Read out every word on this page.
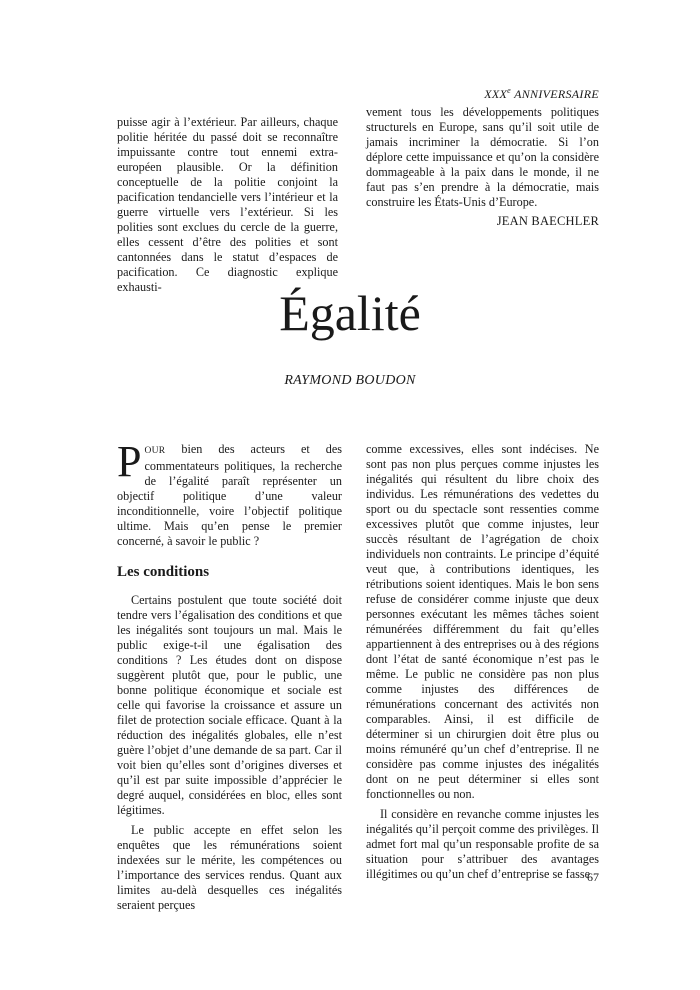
XXXe ANNIVERSAIRE

puisse agir à l’extérieur. Par ailleurs, chaque politie héritée du passé doit se reconnaître impuissante contre tout ennemi extra-européen plausible. Or la définition conceptuelle de la politie conjoint la pacification tendancielle vers l’intérieur et la guerre virtuelle vers l’extérieur. Si les polities sont exclues du cercle de la guerre, elles cessent d’être des polities et sont cantonnées dans le statut d’espaces de pacification. Ce diagnostic explique exhausti-

vement tous les développements politiques structurels en Europe, sans qu’il soit utile de jamais incriminer la démocratie. Si l’on déplore cette impuissance et qu’on la considère dommageable à la paix dans le monde, il ne faut pas s’en prendre à la démocratie, mais construire les États-Unis d’Europe.

JEAN BAECHLER
Égalité
RAYMOND BOUDON

POUR bien des acteurs et des commentateurs politiques, la recherche de l’égalité paraît représenter un objectif politique d’une valeur inconditionnelle, voire l’objectif politique ultime. Mais qu’en pense le premier concerné, à savoir le public ?

Les conditions

Certains postulent que toute société doit tendre vers l’égalisation des conditions et que les inégalités sont toujours un mal. Mais le public exige-t-il une égalisation des conditions ? Les études dont on dispose suggèrent plutôt que, pour le public, une bonne politique économique et sociale est celle qui favorise la croissance et assure un filet de protection sociale efficace. Quant à la réduction des inégalités globales, elle n’est guère l’objet d’une demande de sa part. Car il voit bien qu’elles sont d’origines diverses et qu’il est par suite impossible d’apprécier le degré auquel, considérées en bloc, elles sont légitimes.

Le public accepte en effet selon les enquêtes que les rémunérations soient indexées sur le mérite, les compétences ou l’importance des services rendus. Quant aux limites au-delà desquelles ces inégalités seraient perçues

comme excessives, elles sont indécises. Ne sont pas non plus perçues comme injustes les inégalités qui résultent du libre choix des individus. Les rémunérations des vedettes du sport ou du spectacle sont ressenties comme excessives plutôt que comme injustes, leur succès résultant de l’agrégation de choix individuels non contraints. Le principe d’équité veut que, à contributions identiques, les rétributions soient identiques. Mais le bon sens refuse de considérer comme injuste que deux personnes exécutant les mêmes tâches soient rémunérées différemment du fait qu’elles appartiennent à des entreprises ou à des régions dont l’état de santé économique n’est pas le même. Le public ne considère pas non plus comme injustes des différences de rémunérations concernant des activités non comparables. Ainsi, il est difficile de déterminer si un chirurgien doit être plus ou moins rémunéré qu’un chef d’entreprise. Il ne considère pas comme injustes des inégalités dont on ne peut déterminer si elles sont fonctionnelles ou non.

Il considère en revanche comme injustes les inégalités qu’il perçoit comme des privilèges. Il admet fort mal qu’un responsable profite de sa situation pour s’attribuer des avantages illégitimes ou qu’un chef d’entreprise se fasse

67
